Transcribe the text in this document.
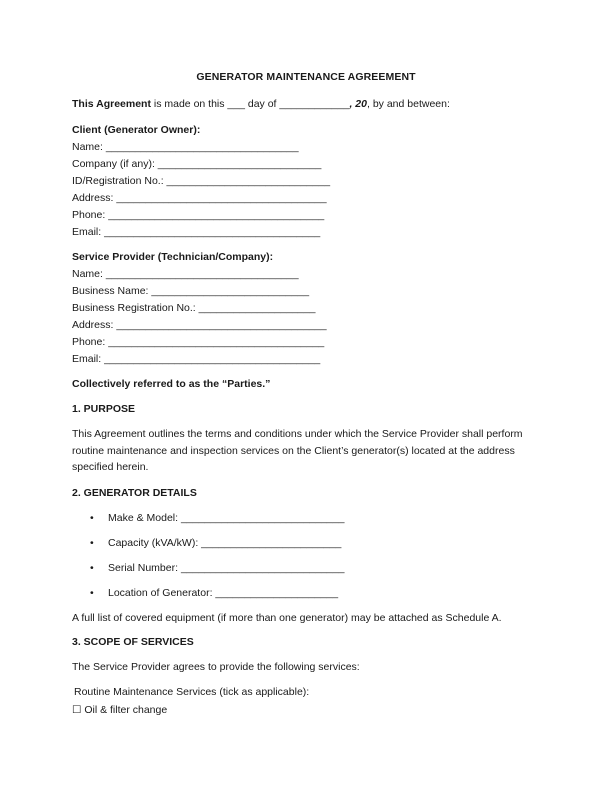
GENERATOR MAINTENANCE AGREEMENT
This Agreement is made on this ___ day of ____________, 20, by and between:
Client (Generator Owner):
Name: _________________________________
Company (if any): ____________________________
ID/Registration No.: ____________________________
Address: ____________________________________
Phone: _____________________________________
Email: _____________________________________
Service Provider (Technician/Company):
Name: _________________________________
Business Name: ___________________________
Business Registration No.: ____________________
Address: ____________________________________
Phone: _____________________________________
Email: _____________________________________
Collectively referred to as the “Parties.”
1. PURPOSE
This Agreement outlines the terms and conditions under which the Service Provider shall perform routine maintenance and inspection services on the Client’s generator(s) located at the address specified herein.
2. GENERATOR DETAILS
• Make & Model: ____________________________
• Capacity (kVA/kW): ________________________
• Serial Number: ____________________________
• Location of Generator: _____________________
A full list of covered equipment (if more than one generator) may be attached as Schedule A.
3. SCOPE OF SERVICES
The Service Provider agrees to provide the following services:
Routine Maintenance Services (tick as applicable):
☐ Oil & filter change
